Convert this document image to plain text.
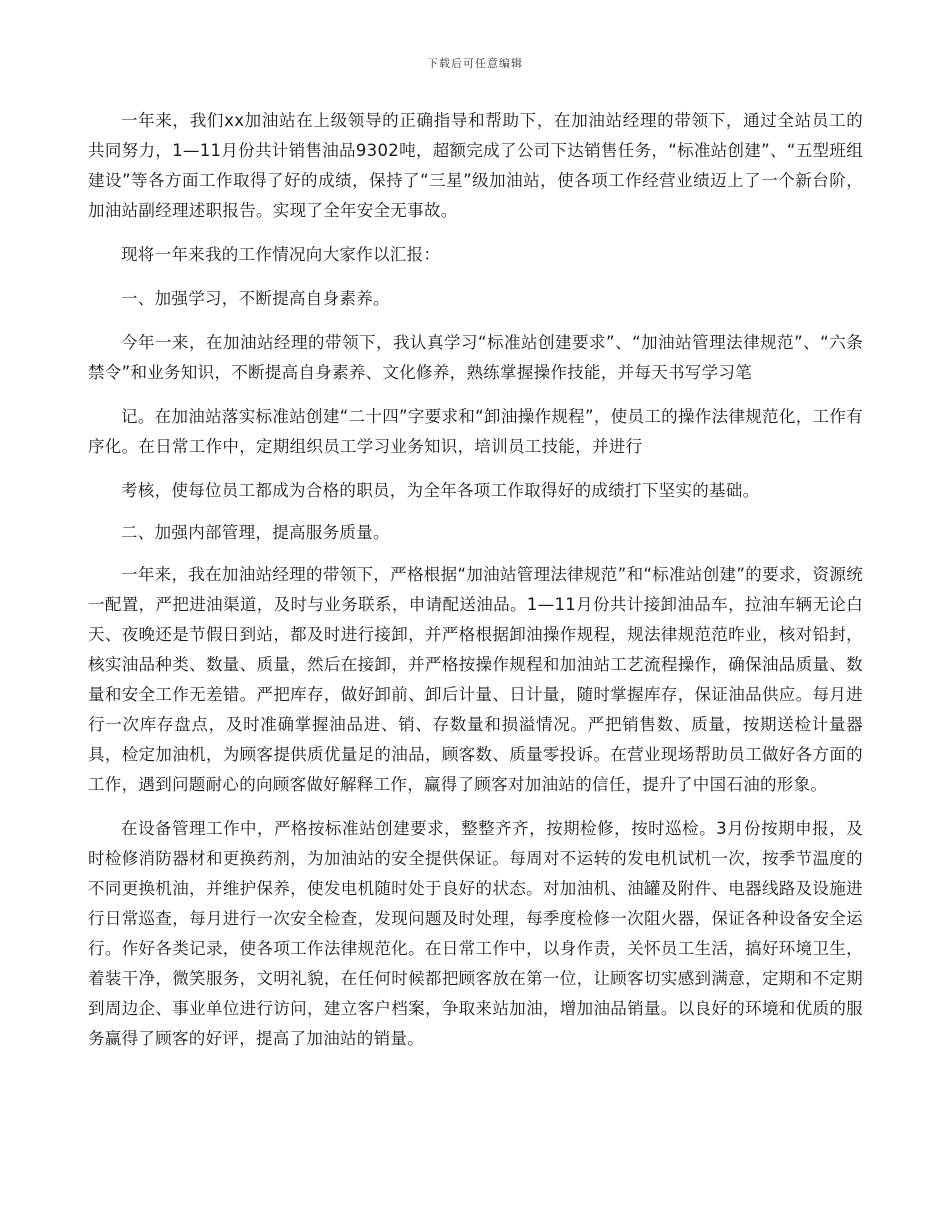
下载后可任意编辑

一年来，我们xx加油站在上级领导的正确指导和帮助下，在加油站经理的带领下，通过全站员工的共同努力，1—11月份共计销售油品9302吨，超额完成了公司下达销售任务，“标准站创建”、“五型班组建设”等各方面工作取得了好的成绩，保持了“三星”级加油站，使各项工作经营业绩迈上了一个新台阶，加油站副经理述职报告。实现了全年安全无事故。

现将一年来我的工作情况向大家作以汇报：

一、加强学习，不断提高自身素养。

今年一来，在加油站经理的带领下，我认真学习“标准站创建要求”、“加油站管理法律规范”、“六条禁令”和业务知识，不断提高自身素养、文化修养，熟练掌握操作技能，并每天书写学习笔

记。在加油站落实标准站创建“二十四”字要求和“卸油操作规程”，使员工的操作法律规范化，工作有序化。在日常工作中，定期组织员工学习业务知识，培训员工技能，并进行

考核，使每位员工都成为合格的职员，为全年各项工作取得好的成绩打下坚实的基础。

二、加强内部管理，提高服务质量。

一年来，我在加油站经理的带领下，严格根据“加油站管理法律规范”和“标准站创建”的要求，资源统一配置，严把进油渠道，及时与业务联系，申请配送油品。1—11月份共计接卸油品车，拉油车辆无论白天、夜晚还是节假日到站，都及时进行接卸，并严格根据卸油操作规程，规法律规范范昨业，核对铅封，核实油品种类、数量、质量，然后在接卸，并严格按操作规程和加油站工艺流程操作，确保油品质量、数量和安全工作无差错。严把库存，做好卸前、卸后计量、日计量，随时掌握库存，保证油品供应。每月进行一次库存盘点，及时准确掌握油品进、销、存数量和损溢情况。严把销售数、质量，按期送检计量器具，检定加油机，为顾客提供质优量足的油品，顾客数、质量零投诉。在营业现场帮助员工做好各方面的工作，遇到问题耐心的向顾客做好解释工作，赢得了顾客对加油站的信任，提升了中国石油的形象。

在设备管理工作中，严格按标准站创建要求，整整齐齐，按期检修，按时巡检。3月份按期申报，及时检修消防器材和更换药剂，为加油站的安全提供保证。每周对不运转的发电机试机一次，按季节温度的不同更换机油，并维护保养，使发电机随时处于良好的状态。对加油机、油罐及附件、电器线路及设施进行日常巡查，每月进行一次安全检查，发现问题及时处理，每季度检修一次阻火器，保证各种设备安全运行。作好各类记录，使各项工作法律规范化。在日常工作中，以身作责，关怀员工生活，搞好环境卫生，着装干净，微笑服务，文明礼貌，在任何时候都把顾客放在第一位，让顾客切实感到满意，定期和不定期到周边企、事业单位进行访问，建立客户档案，争取来站加油，增加油品销量。以良好的环境和优质的服务赢得了顾客的好评，提高了加油站的销量。
